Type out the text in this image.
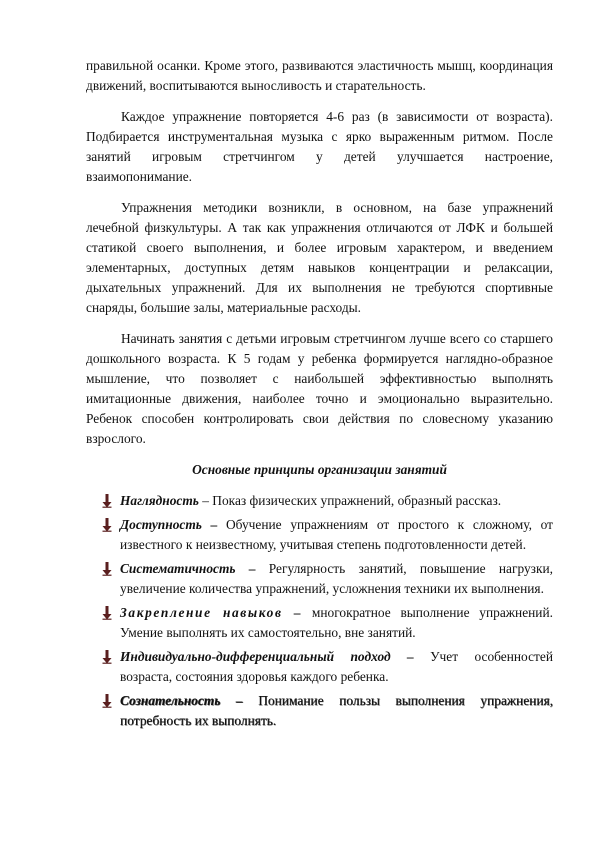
правильной осанки. Кроме этого, развиваются эластичность мышц, координация движений, воспитываются выносливость и старательность.

Каждое упражнение повторяется 4-6 раз (в зависимости от возраста). Подбирается инструментальная музыка с ярко выраженным ритмом. После занятий игровым стретчингом у детей улучшается настроение, взаимопонимание.

Упражнения методики возникли, в основном, на базе упражнений лечебной физкультуры. А так как упражнения отличаются от ЛФК и большей статикой своего выполнения, и более игровым характером, и введением элементарных, доступных детям навыков концентрации и релаксации, дыхательных упражнений. Для их выполнения не требуются спортивные снаряды, большие залы, материальные расходы.

Начинать занятия с детьми игровым стретчингом лучше всего со старшего дошкольного возраста. К 5 годам у ребенка формируется наглядно-образное мышление, что позволяет с наибольшей эффективностью выполнять имитационные движения, наиболее точно и эмоционально выразительно. Ребенок способен контролировать свои действия по словесному указанию взрослого.

Основные принципы организации занятий
Наглядность – Показ физических упражнений, образный рассказ.
Доступность – Обучение упражнениям от простого к сложному, от известного к неизвестному, учитывая степень подготовленности детей.
Систематичность – Регулярность занятий, повышение нагрузки, увеличение количества упражнений, усложнения техники их выполнения.
Закрепление навыков – многократное выполнение упражнений. Умение выполнять их самостоятельно, вне занятий.
Индивидуально-дифференциальный подход – Учет особенностей возраста, состояния здоровья каждого ребенка.
Сознательность – Понимание пользы выполнения упражнения, потребность их выполнять.
